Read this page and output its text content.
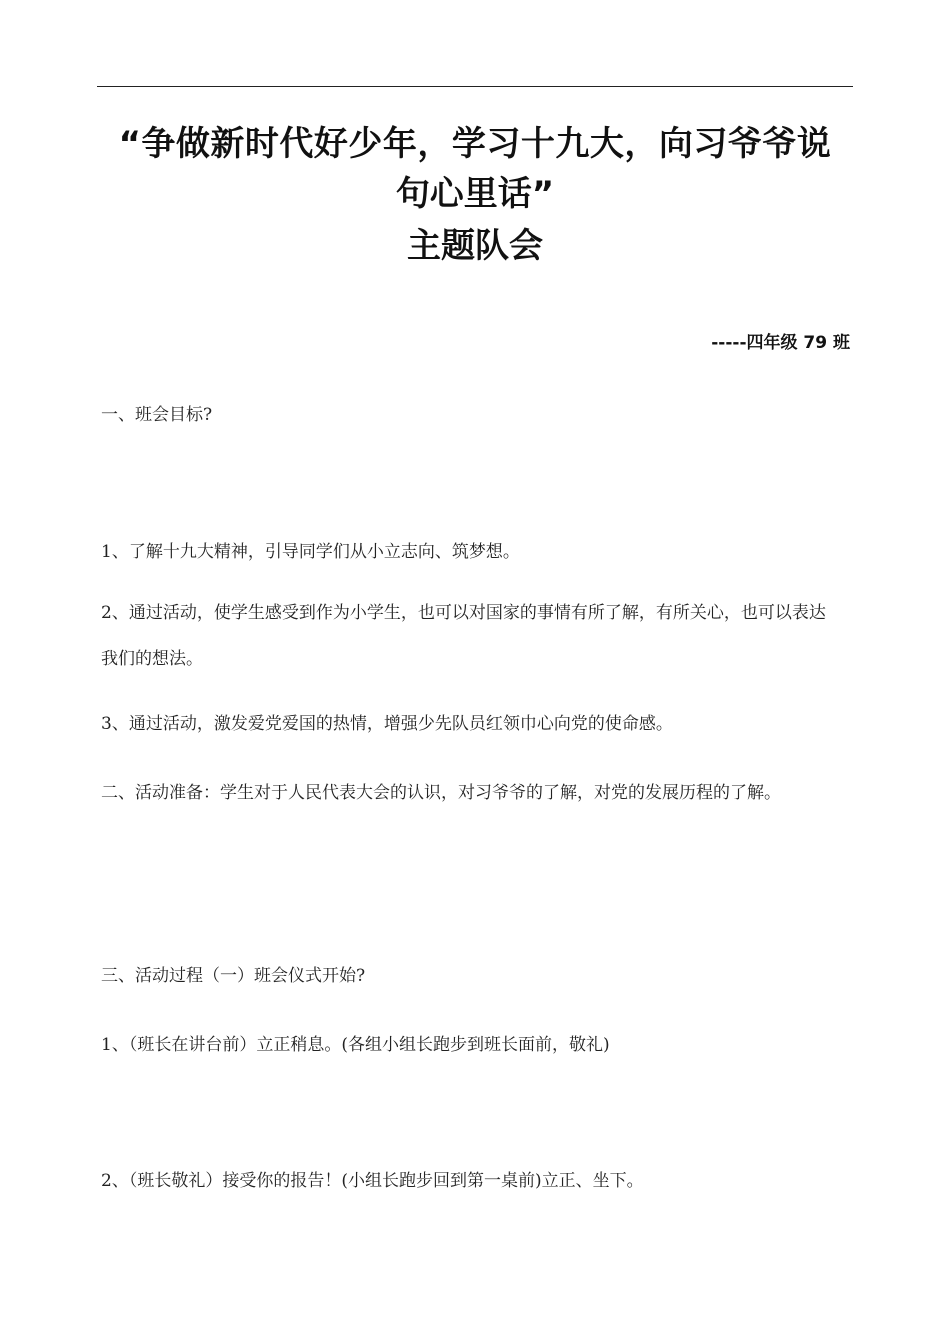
“争做新时代好少年，学习十九大，向习爷爷说
句心里话”
主题队会
-----四年级 79 班

一、班会目标?

1、了解十九大精神，引导同学们从小立志向、筑梦想。

2、通过活动，使学生感受到作为小学生，也可以对国家的事情有所了解，有所关心，也可以表达我们的想法。

3、通过活动，激发爱党爱国的热情，增强少先队员红领巾心向党的使命感。

二、活动准备：学生对于人民代表大会的认识，对习爷爷的了解，对党的发展历程的了解。

三、活动过程（一）班会仪式开始?

1、（班长在讲台前）立正稍息。(各组小组长跑步到班长面前，敬礼)

2、（班长敬礼）接受你的报告！(小组长跑步回到第一桌前)立正、坐下。
